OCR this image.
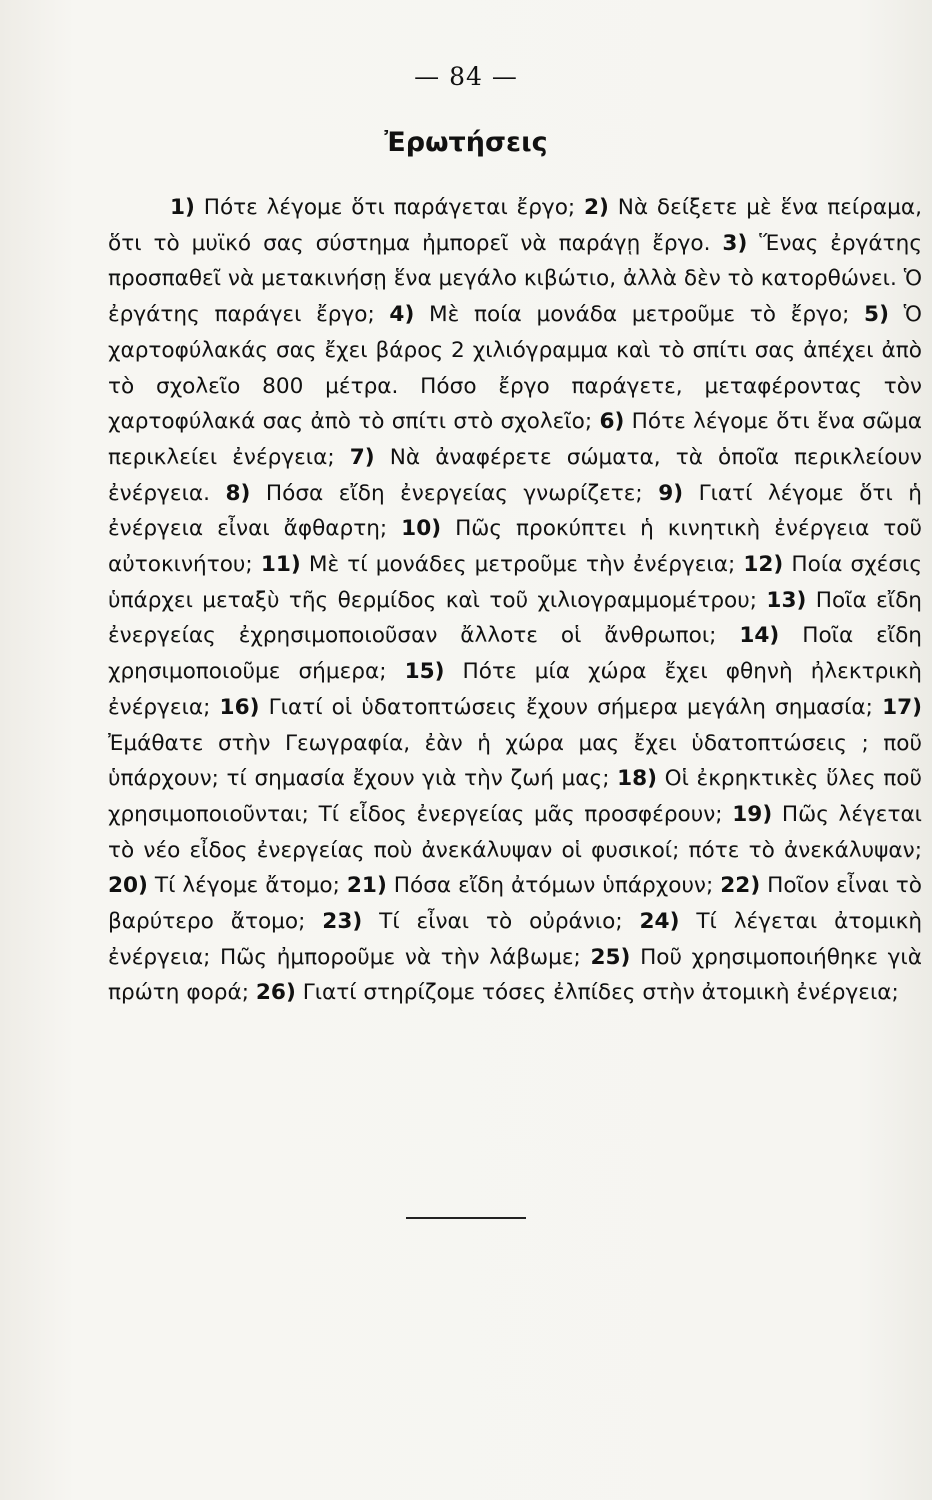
— 84 —
Ἐρωτήσεις

1) Πότε λέγομε ὅτι παράγεται ἔργο; 2) Νὰ δείξετε μὲ ἕνα πείραμα, ὅτι τὸ μυϊκό σας σύστημα ἠμπορεῖ νὰ παράγῃ ἔργο. 3) Ἕνας ἐργάτης προσπαθεῖ νὰ μετακινήσῃ ἕνα μεγάλο κιβώτιο, ἀλλὰ δὲν τὸ κατορθώνει. Ὁ ἐργάτης παράγει ἔργο; 4) Μὲ ποία μονάδα μετροῦμε τὸ ἔργο; 5) Ὁ χαρτοφύλακάς σας ἔχει βάρος 2 χιλιόγραμμα καὶ τὸ σπίτι σας ἀπέχει ἀπὸ τὸ σχολεῖο 800 μέτρα. Πόσο ἔργο παράγετε, μεταφέροντας τὸν χαρτοφύλακά σας ἀπὸ τὸ σπίτι στὸ σχολεῖο; 6) Πότε λέγομε ὅτι ἕνα σῶμα περικλείει ἐνέργεια; 7) Νὰ ἀναφέρετε σώματα, τὰ ὁποῖα περικλείουν ἐνέργεια. 8) Πόσα εἴδη ἐνεργείας γνωρίζετε; 9) Γιατί λέγομε ὅτι ἡ ἐνέργεια εἶναι ἄφθαρτη; 10) Πῶς προκύπτει ἡ κινητικὴ ἐνέργεια τοῦ αὐτοκινήτου; 11) Μὲ τί μονάδες μετροῦμε τὴν ἐνέργεια; 12) Ποία σχέσις ὑπάρχει μεταξὺ τῆς θερμίδος καὶ τοῦ χιλιογραμμομέτρου; 13) Ποῖα εἴδη ἐνεργείας ἐχρησιμοποιοῦσαν ἄλλοτε οἱ ἄνθρωποι; 14) Ποῖα εἴδη χρησιμοποιοῦμε σήμερα; 15) Πότε μία χώρα ἔχει φθηνὴ ἠλεκτρικὴ ἐνέργεια; 16) Γιατί οἱ ὑδατοπτώσεις ἔχουν σήμερα μεγάλη σημασία; 17) Ἐμάθατε στὴν Γεωγραφία, ἐὰν ἡ χώρα μας ἔχει ὑδατοπτώσεις ; ποῦ ὑπάρχουν; τί σημασία ἔχουν γιὰ τὴν ζωή μας; 18) Οἱ ἐκρηκτικὲς ὕλες ποῦ χρησιμοποιοῦνται; Τί εἶδος ἐνεργείας μᾶς προσφέρουν; 19) Πῶς λέγεται τὸ νέο εἶδος ἐνεργείας ποὺ ἀνεκάλυψαν οἱ φυσικοί; πότε τὸ ἀνεκάλυψαν; 20) Τί λέγομε ἄτομο; 21) Πόσα εἴδη ἀτόμων ὑπάρχουν; 22) Ποῖον εἶναι τὸ βαρύτερο ἄτομο; 23) Τί εἶναι τὸ οὐράνιο; 24) Τί λέγεται ἀτομικὴ ἐνέργεια; Πῶς ἠμποροῦμε νὰ τὴν λάβωμε; 25) Ποῦ χρησιμοποιήθηκε γιὰ πρώτη φορά; 26) Γιατί στηρίζομε τόσες ἐλπίδες στὴν ἀτομικὴ ἐνέργεια;
